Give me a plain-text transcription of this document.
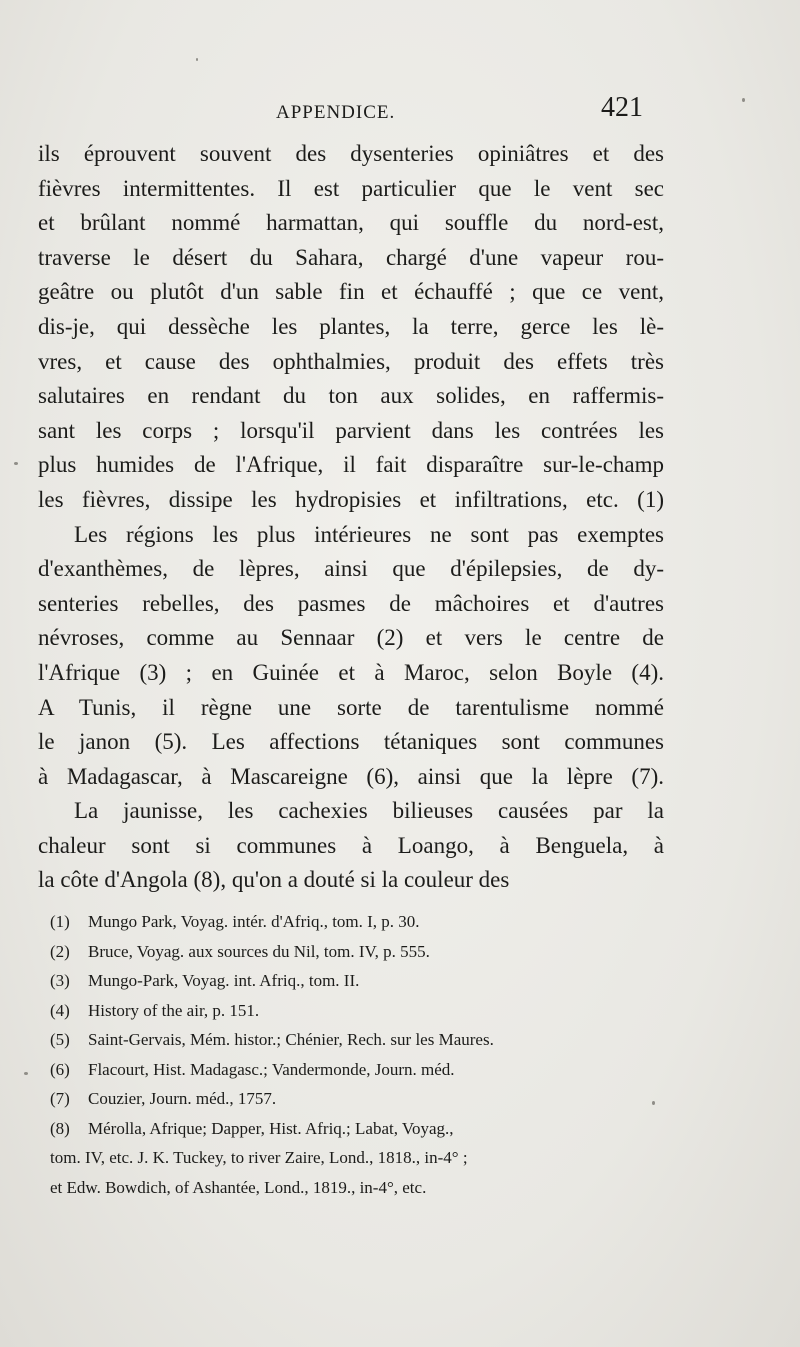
APPENDICE.	421
ils éprouvent souvent des dysenteries opiniâtres et des
fièvres intermittentes. Il est particulier que le vent sec
et brûlant nommé harmattan, qui souffle du nord-est,
traverse le désert du Sahara, chargé d'une vapeur rou-
geâtre ou plutôt d'un sable fin et échauffé ; que ce vent,
dis-je, qui dessèche les plantes, la terre, gerce les lè-
vres, et cause des ophthalmies, produit des effets très
salutaires en rendant du ton aux solides, en raffermis-
sant les corps ; lorsqu'il parvient dans les contrées les
plus humides de l'Afrique, il fait disparaître sur-le-champ
les fièvres, dissipe les hydropisies et infiltrations, etc. (1)
Les régions les plus intérieures ne sont pas exemptes
d'exanthèmes, de lèpres, ainsi que d'épilepsies, de dy-
senteries rebelles, des pasmes de mâchoires et d'autres
névroses, comme au Sennaar (2) et vers le centre de
l'Afrique (3) ; en Guinée et à Maroc, selon Boyle (4).
A Tunis, il règne une sorte de tarentulisme nommé
le janon (5). Les affections tétaniques sont communes
à Madagascar, à Mascareigne (6), ainsi que la lèpre (7).
La jaunisse, les cachexies bilieuses causées par la
chaleur sont si communes à Loango, à Benguela, à
la côte d'Angola (8), qu'on a douté si la couleur des
(1) Mungo Park, Voyag. intér. d'Afriq., tom. I, p. 30.
(2) Bruce, Voyag. aux sources du Nil, tom. IV, p. 555.
(3) Mungo-Park, Voyag. int. Afriq., tom. II.
(4) History of the air, p. 151.
(5) Saint-Gervais, Mém. histor.; Chénier, Rech. sur les Maures.
(6) Flacourt, Hist. Madagasc.; Vandermonde, Journ. méd.
(7) Couzier, Journ. méd., 1757.
(8) Mérolla, Afrique; Dapper, Hist. Afriq.; Labat, Voyag.,
tom. IV, etc. J. K. Tuckey, to river Zaire, Lond., 1818., in-4° ;
et Edw. Bowdich, of Ashantée, Lond., 1819., in-4°, etc.
